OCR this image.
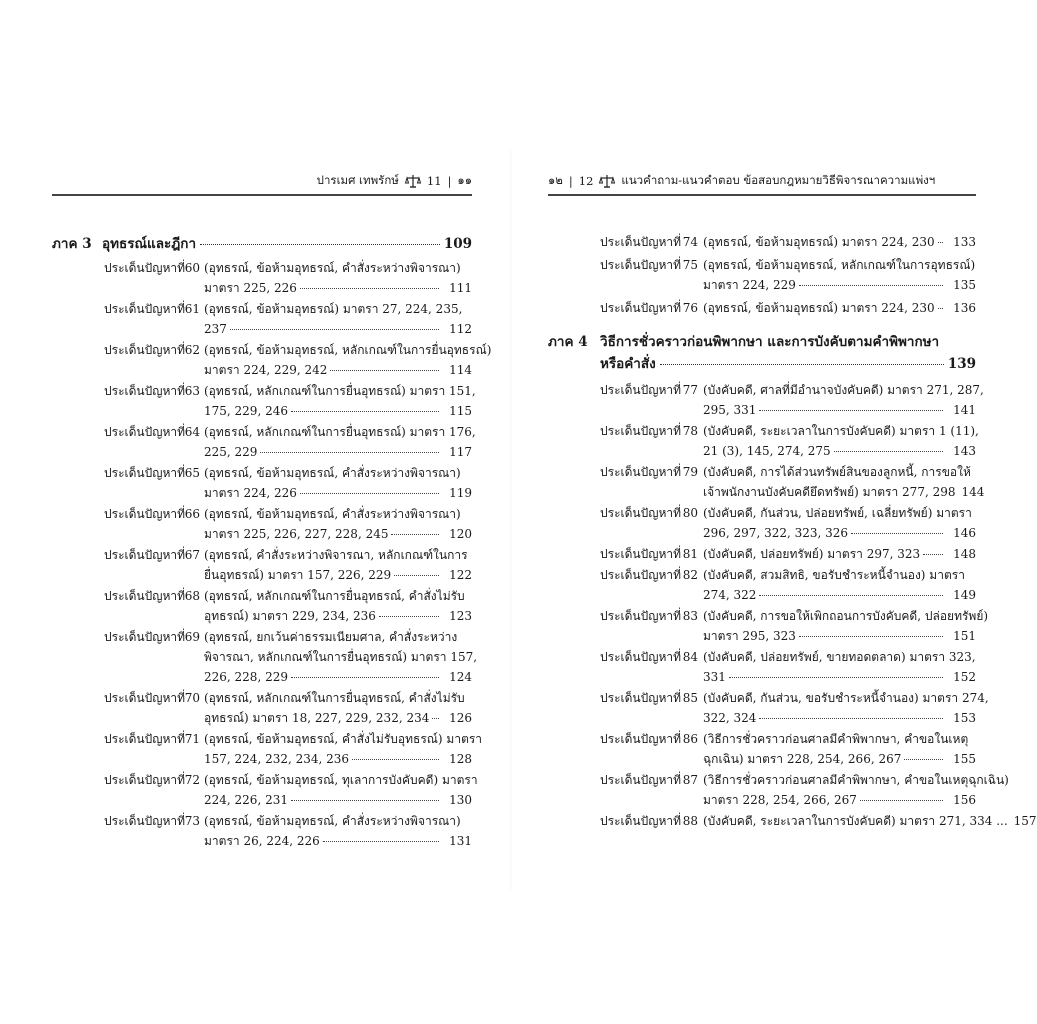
ปารเมศ เทพรักษ์ 11 | ๑๑
ภาค 3 อุทธรณ์และฎีกา	109
ประเด็นปัญหาที่ 60 (อุทธรณ์, ข้อห้ามอุทธรณ์, คำสั่งระหว่างพิจารณา)
มาตรา 225, 226	111
ประเด็นปัญหาที่ 61 (อุทธรณ์, ข้อห้ามอุทธรณ์) มาตรา 27, 224, 235,
237	112
ประเด็นปัญหาที่ 62 (อุทธรณ์, ข้อห้ามอุทธรณ์, หลักเกณฑ์ในการยื่นอุทธรณ์)
มาตรา 224, 229, 242	114
ประเด็นปัญหาที่ 63 (อุทธรณ์, หลักเกณฑ์ในการยื่นอุทธรณ์) มาตรา 151,
175, 229, 246	115
ประเด็นปัญหาที่ 64 (อุทธรณ์, หลักเกณฑ์ในการยื่นอุทธรณ์) มาตรา 176,
225, 229	117
ประเด็นปัญหาที่ 65 (อุทธรณ์, ข้อห้ามอุทธรณ์, คำสั่งระหว่างพิจารณา)
มาตรา 224, 226	119
ประเด็นปัญหาที่ 66 (อุทธรณ์, ข้อห้ามอุทธรณ์, คำสั่งระหว่างพิจารณา)
มาตรา 225, 226, 227, 228, 245	120
ประเด็นปัญหาที่ 67 (อุทธรณ์, คำสั่งระหว่างพิจารณา, หลักเกณฑ์ในการ
ยื่นอุทธรณ์) มาตรา 157, 226, 229	122
ประเด็นปัญหาที่ 68 (อุทธรณ์, หลักเกณฑ์ในการยื่นอุทธรณ์, คำสั่งไม่รับ
อุทธรณ์) มาตรา 229, 234, 236	123
ประเด็นปัญหาที่ 69 (อุทธรณ์, ยกเว้นค่าธรรมเนียมศาล, คำสั่งระหว่าง
พิจารณา, หลักเกณฑ์ในการยื่นอุทธรณ์) มาตรา 157,
226, 228, 229	124
ประเด็นปัญหาที่ 70 (อุทธรณ์, หลักเกณฑ์ในการยื่นอุทธรณ์, คำสั่งไม่รับ
อุทธรณ์) มาตรา 18, 227, 229, 232, 234	126
ประเด็นปัญหาที่ 71 (อุทธรณ์, ข้อห้ามอุทธรณ์, คำสั่งไม่รับอุทธรณ์) มาตรา
157, 224, 232, 234, 236	128
ประเด็นปัญหาที่ 72 (อุทธรณ์, ข้อห้ามอุทธรณ์, ทุเลาการบังคับคดี) มาตรา
224, 226, 231	130
ประเด็นปัญหาที่ 73 (อุทธรณ์, ข้อห้ามอุทธรณ์, คำสั่งระหว่างพิจารณา)
มาตรา 26, 224, 226	131
๑๒ | 12 แนวคำถาม-แนวคำตอบ ข้อสอบกฎหมายวิธีพิจารณาความแพ่งฯ
ประเด็นปัญหาที่ 74 (อุทธรณ์, ข้อห้ามอุทธรณ์) มาตรา 224, 230	133
ประเด็นปัญหาที่ 75 (อุทธรณ์, ข้อห้ามอุทธรณ์, หลักเกณฑ์ในการอุทธรณ์)
มาตรา 224, 229	135
ประเด็นปัญหาที่ 76 (อุทธรณ์, ข้อห้ามอุทธรณ์) มาตรา 224, 230	136
ภาค 4 วิธีการชั่วคราวก่อนพิพากษา และการบังคับตามคำพิพากษา
หรือคำสั่ง	139
ประเด็นปัญหาที่ 77 (บังคับคดี, ศาลที่มีอำนาจบังคับคดี) มาตรา 271, 287,
295, 331	141
ประเด็นปัญหาที่ 78 (บังคับคดี, ระยะเวลาในการบังคับคดี) มาตรา 1 (11),
21 (3), 145, 274, 275	143
ประเด็นปัญหาที่ 79 (บังคับคดี, การได้ส่วนทรัพย์สินของลูกหนี้, การขอให้
เจ้าพนักงานบังคับคดียึดทรัพย์) มาตรา 277, 298 144
ประเด็นปัญหาที่ 80 (บังคับคดี, กันส่วน, ปล่อยทรัพย์, เฉลี่ยทรัพย์) มาตรา
296, 297, 322, 323, 326	146
ประเด็นปัญหาที่ 81 (บังคับคดี, ปล่อยทรัพย์) มาตรา 297, 323	148
ประเด็นปัญหาที่ 82 (บังคับคดี, สวมสิทธิ, ขอรับชำระหนี้จำนอง) มาตรา
274, 322	149
ประเด็นปัญหาที่ 83 (บังคับคดี, การขอให้เพิกถอนการบังคับคดี, ปล่อยทรัพย์)
มาตรา 295, 323	151
ประเด็นปัญหาที่ 84 (บังคับคดี, ปล่อยทรัพย์, ขายทอดตลาด) มาตรา 323,
331	152
ประเด็นปัญหาที่ 85 (บังคับคดี, กันส่วน, ขอรับชำระหนี้จำนอง) มาตรา 274,
322, 324	153
ประเด็นปัญหาที่ 86 (วิธีการชั่วคราวก่อนศาลมีคำพิพากษา, คำขอในเหตุ
ฉุกเฉิน) มาตรา 228, 254, 266, 267	155
ประเด็นปัญหาที่ 87 (วิธีการชั่วคราวก่อนศาลมีคำพิพากษา, คำขอในเหตุฉุกเฉิน)
มาตรา 228, 254, 266, 267	156
ประเด็นปัญหาที่ 88 (บังคับคดี, ระยะเวลาในการบังคับคดี) มาตรา 271, 334 ... 157
